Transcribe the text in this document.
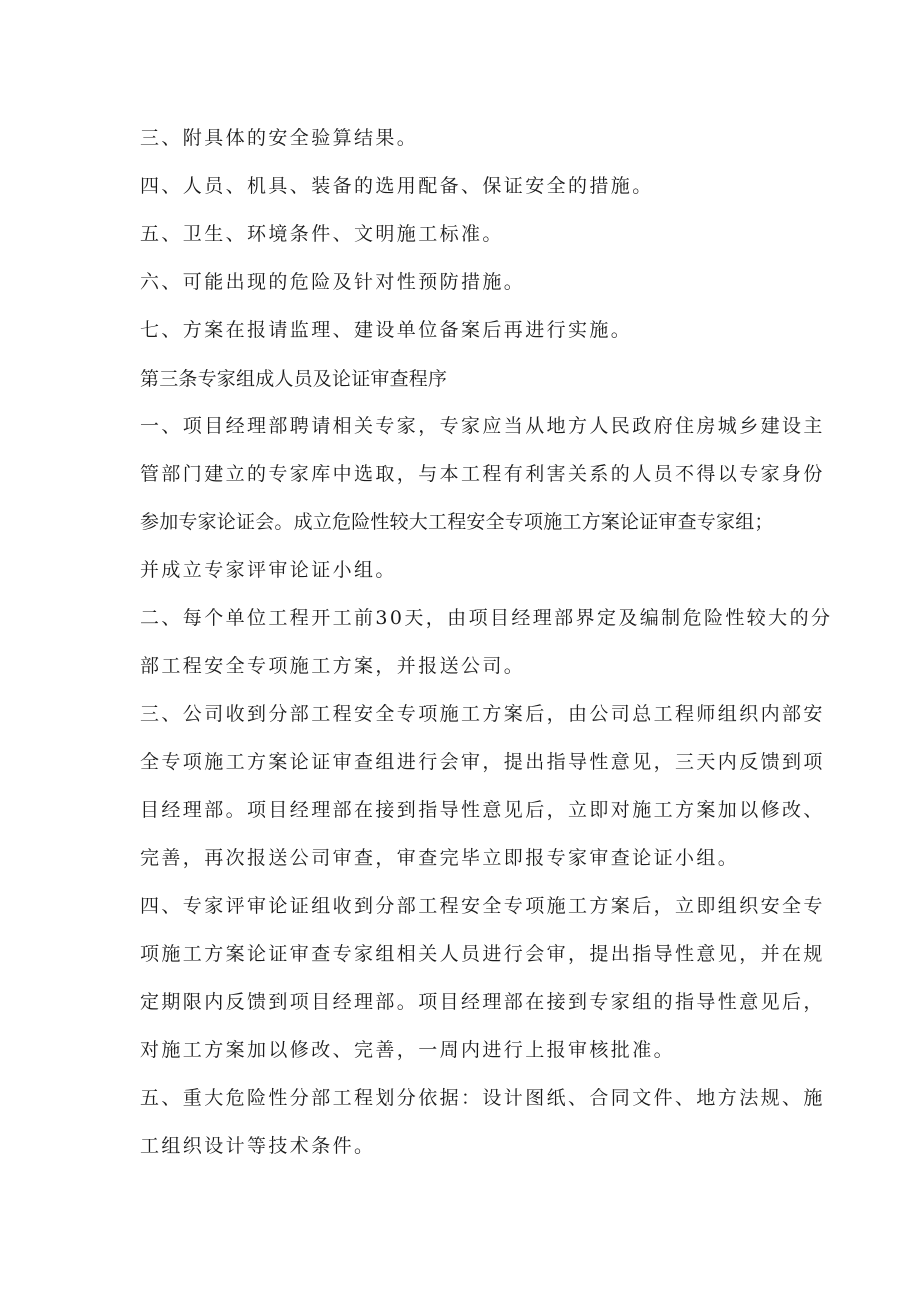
三、附具体的安全验算结果。
四、人员、机具、装备的选用配备、保证安全的措施。
五、卫生、环境条件、文明施工标准。
六、可能出现的危险及针对性预防措施。
七、方案在报请监理、建设单位备案后再进行实施。
第三条专家组成人员及论证审查程序
一、项目经理部聘请相关专家，专家应当从地方人民政府住房城乡建设主
管部门建立的专家库中选取，与本工程有利害关系的人员不得以专家身份
参加专家论证会。成立危险性较大工程安全专项施工方案论证审查专家组；
并成立专家评审论证小组。
二、每个单位工程开工前30天，由项目经理部界定及编制危险性较大的分
部工程安全专项施工方案，并报送公司。
三、公司收到分部工程安全专项施工方案后，由公司总工程师组织内部安
全专项施工方案论证审查组进行会审，提出指导性意见，三天内反馈到项
目经理部。项目经理部在接到指导性意见后，立即对施工方案加以修改、
完善，再次报送公司审查，审查完毕立即报专家审查论证小组。
四、专家评审论证组收到分部工程安全专项施工方案后，立即组织安全专
项施工方案论证审查专家组相关人员进行会审，提出指导性意见，并在规
定期限内反馈到项目经理部。项目经理部在接到专家组的指导性意见后，
对施工方案加以修改、完善，一周内进行上报审核批准。
五、重大危险性分部工程划分依据：设计图纸、合同文件、地方法规、施
工组织设计等技术条件。
